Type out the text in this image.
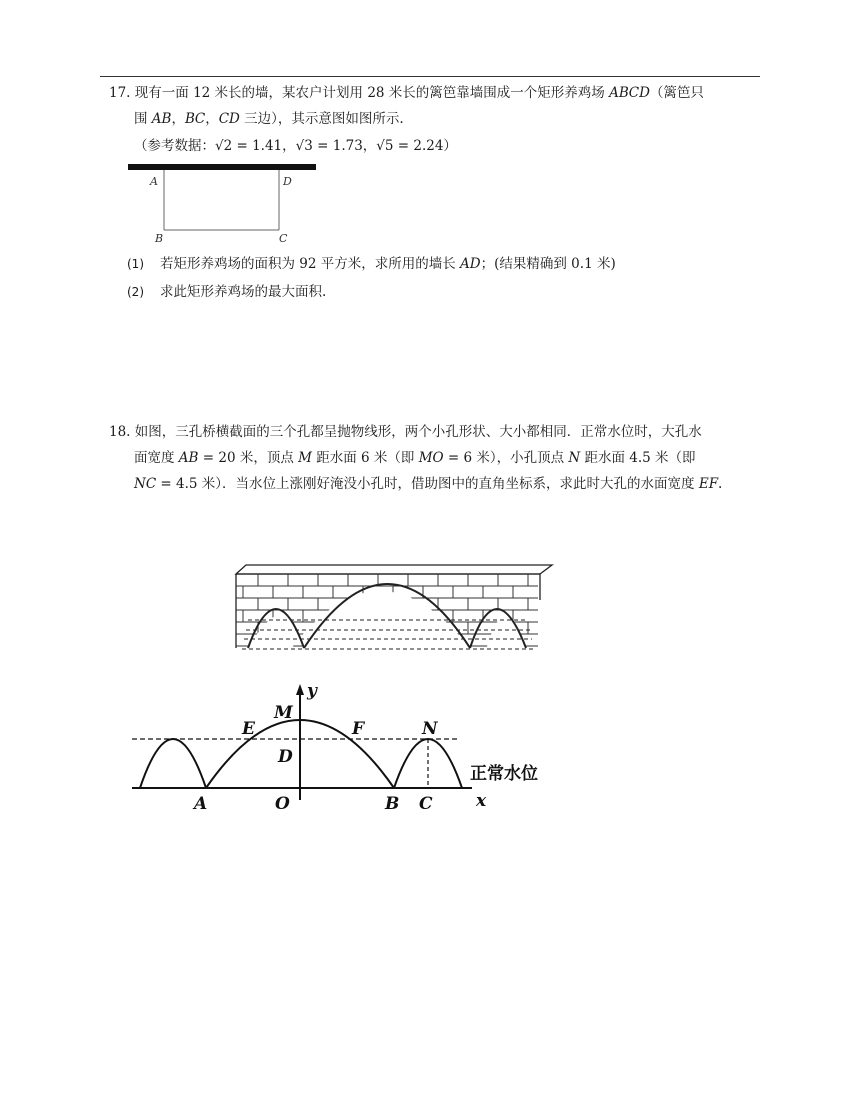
17. 现有一面 12 米长的墙，某农户计划用 28 米长的篱笆靠墙围成一个矩形养鸡场 𝐴𝐵𝐶𝐷（篱笆只
围 𝐴𝐵，𝐵𝐶，𝐶𝐷 三边），其示意图如图所示.
（参考数据：√2 = 1.41，√3 = 1.73，√5 = 2.24）
A	D
B	C
(1) 若矩形养鸡场的面积为 92 平方米，求所用的墙长 𝐴𝐷；(结果精确到 0.1 米)
(2) 求此矩形养鸡场的最大面积.
18. 如图，三孔桥横截面的三个孔都呈抛物线形，两个小孔形状、大小都相同．正常水位时，大孔水
面宽度 𝐴𝐵 = 20 米，顶点 𝑀 距水面 6 米（即 𝑀𝑂 = 6 米），小孔顶点 𝑁 距水面 4.5 米（即
𝑁𝐶 = 4.5 米）．当水位上涨刚好淹没小孔时，借助图中的直角坐标系，求此时大孔的水面宽度 𝐸𝐹.
y
M
E	F	N
D
A	O	B C	x
正常水位
